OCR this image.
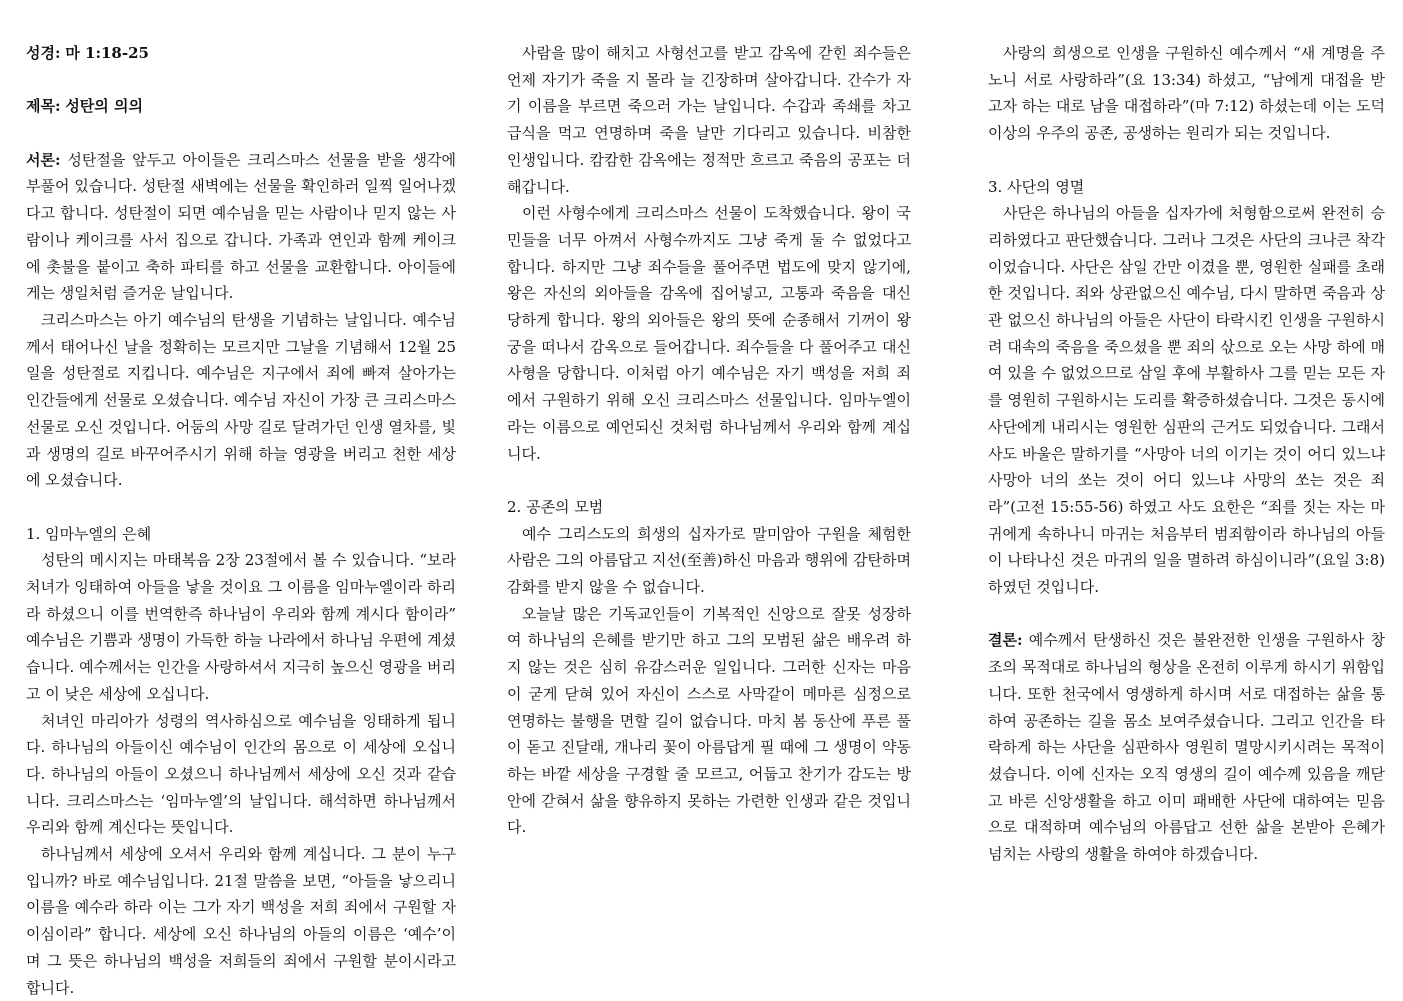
성경: 마 1:18-25

제목: 성탄의 의의

서론: 성탄절을 앞두고 아이들은 크리스마스 선물을 받을 생각에 부풀어 있습니다. 성탄절 새벽에는 선물을 확인하러 일찍 일어나겠다고 합니다. 성탄절이 되면 예수님을 믿는 사람이나 믿지 않는 사람이나 케이크를 사서 집으로 갑니다. 가족과 연인과 함께 케이크에 촛불을 붙이고 축하 파티를 하고 선물을 교환합니다. 아이들에게는 생일처럼 즐거운 날입니다.

크리스마스는 아기 예수님의 탄생을 기념하는 날입니다. 예수님께서 태어나신 날을 정확히는 모르지만 그날을 기념해서 12월 25일을 성탄절로 지킵니다. 예수님은 지구에서 죄에 빠져 살아가는 인간들에게 선물로 오셨습니다. 예수님 자신이 가장 큰 크리스마스 선물로 오신 것입니다. 어둠의 사망 길로 달려가던 인생 열차를, 빛과 생명의 길로 바꾸어주시기 위해 하늘 영광을 버리고 천한 세상에 오셨습니다.

1. 임마누엘의 은혜

성탄의 메시지는 마태복음 2장 23절에서 볼 수 있습니다. “보라 처녀가 잉태하여 아들을 낳을 것이요 그 이름을 임마누엘이라 하리라 하셨으니 이를 번역한즉 하나님이 우리와 함께 계시다 함이라” 예수님은 기쁨과 생명이 가득한 하늘 나라에서 하나님 우편에 계셨습니다. 예수께서는 인간을 사랑하셔서 지극히 높으신 영광을 버리고 이 낮은 세상에 오십니다.

처녀인 마리아가 성령의 역사하심으로 예수님을 잉태하게 됩니다. 하나님의 아들이신 예수님이 인간의 몸으로 이 세상에 오십니다. 하나님의 아들이 오셨으니 하나님께서 세상에 오신 것과 같습니다. 크리스마스는 ‘임마누엘’의 날입니다. 해석하면 하나님께서 우리와 함께 계신다는 뜻입니다.

하나님께서 세상에 오셔서 우리와 함께 계십니다. 그 분이 누구입니까? 바로 예수님입니다. 21절 말씀을 보면, “아들을 낳으리니 이름을 예수라 하라 이는 그가 자기 백성을 저희 죄에서 구원할 자이심이라” 합니다. 세상에 오신 하나님의 아들의 이름은 ‘예수’이며 그 뜻은 하나님의 백성을 저희들의 죄에서 구원할 분이시라고 합니다.

사람을 많이 해치고 사형선고를 받고 감옥에 갇힌 죄수들은 언제 자기가 죽을 지 몰라 늘 긴장하며 살아갑니다. 간수가 자기 이름을 부르면 죽으러 가는 날입니다. 수갑과 족쇄를 차고 급식을 먹고 연명하며 죽을 날만 기다리고 있습니다. 비참한 인생입니다. 캄캄한 감옥에는 정적만 흐르고 죽음의 공포는 더해갑니다.

이런 사형수에게 크리스마스 선물이 도착했습니다. 왕이 국민들을 너무 아껴서 사형수까지도 그냥 죽게 둘 수 없었다고 합니다. 하지만 그냥 죄수들을 풀어주면 법도에 맞지 않기에, 왕은 자신의 외아들을 감옥에 집어넣고, 고통과 죽음을 대신 당하게 합니다. 왕의 외아들은 왕의 뜻에 순종해서 기꺼이 왕궁을 떠나서 감옥으로 들어갑니다. 죄수들을 다 풀어주고 대신 사형을 당합니다. 이처럼 아기 예수님은 자기 백성을 저희 죄에서 구원하기 위해 오신 크리스마스 선물입니다. 임마누엘이라는 이름으로 예언되신 것처럼 하나님께서 우리와 함께 계십니다.

2. 공존의 모범

예수 그리스도의 희생의 십자가로 말미암아 구원을 체험한 사람은 그의 아름답고 지선(至善)하신 마음과 행위에 감탄하며 감화를 받지 않을 수 없습니다.

오늘날 많은 기독교인들이 기복적인 신앙으로 잘못 성장하여 하나님의 은혜를 받기만 하고 그의 모범된 삶은 배우려 하지 않는 것은 심히 유감스러운 일입니다. 그러한 신자는 마음이 굳게 닫혀 있어 자신이 스스로 사막같이 메마른 심정으로 연명하는 불행을 면할 길이 없습니다. 마치 봄 동산에 푸른 풀이 돋고 진달래, 개나리 꽃이 아름답게 필 때에 그 생명이 약동하는 바깥 세상을 구경할 줄 모르고, 어둡고 찬기가 감도는 방안에 갇혀서 삶을 향유하지 못하는 가련한 인생과 같은 것입니다.

사랑의 희생으로 인생을 구원하신 예수께서 “새 계명을 주노니 서로 사랑하라”(요 13:34) 하셨고, “남에게 대접을 받고자 하는 대로 남을 대접하라”(마 7:12) 하셨는데 이는 도덕 이상의 우주의 공존, 공생하는 원리가 되는 것입니다.

3. 사단의 영멸

사단은 하나님의 아들을 십자가에 처형함으로써 완전히 승리하였다고 판단했습니다. 그러나 그것은 사단의 크나큰 착각이었습니다. 사단은 삼일 간만 이겼을 뿐, 영원한 실패를 초래한 것입니다. 죄와 상관없으신 예수님, 다시 말하면 죽음과 상관 없으신 하나님의 아들은 사단이 타락시킨 인생을 구원하시려 대속의 죽음을 죽으셨을 뿐 죄의 삯으로 오는 사망 하에 매여 있을 수 없었으므로 삼일 후에 부활하사 그를 믿는 모든 자를 영원히 구원하시는 도리를 확증하셨습니다. 그것은 동시에 사단에게 내리시는 영원한 심판의 근거도 되었습니다. 그래서 사도 바울은 말하기를 “사망아 너의 이기는 것이 어디 있느냐 사망아 너의 쏘는 것이 어디 있느냐 사망의 쏘는 것은 죄라”(고전 15:55-56) 하였고 사도 요한은 “죄를 짓는 자는 마귀에게 속하나니 마귀는 처음부터 범죄함이라 하나님의 아들이 나타나신 것은 마귀의 일을 멸하려 하심이니라”(요일 3:8) 하였던 것입니다.

결론: 예수께서 탄생하신 것은 불완전한 인생을 구원하사 창조의 목적대로 하나님의 형상을 온전히 이루게 하시기 위함입니다. 또한 천국에서 영생하게 하시며 서로 대접하는 삶을 통하여 공존하는 길을 몸소 보여주셨습니다. 그리고 인간을 타락하게 하는 사단을 심판하사 영원히 멸망시키시려는 목적이셨습니다. 이에 신자는 오직 영생의 길이 예수께 있음을 깨닫고 바른 신앙생활을 하고 이미 패배한 사단에 대하여는 믿음으로 대적하며 예수님의 아름답고 선한 삶을 본받아 은혜가 넘치는 사랑의 생활을 하여야 하겠습니다.
